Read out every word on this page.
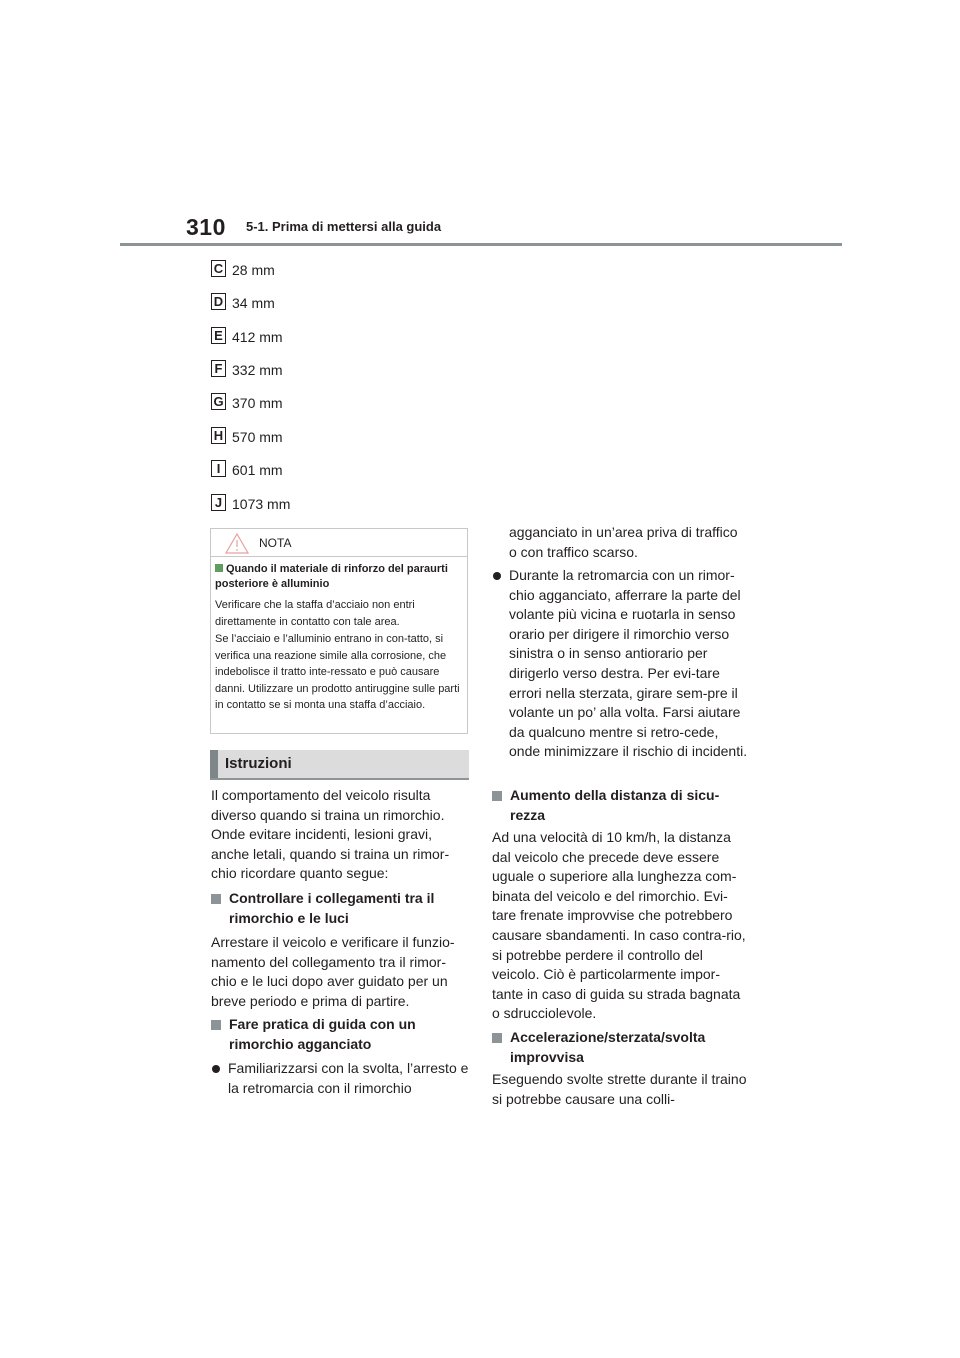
310 5-1. Prima di mettersi alla guida
C 28 mm
D 34 mm
E 412 mm
F 332 mm
G 370 mm
H 570 mm
I 601 mm
J 1073 mm
NOTA
Quando il materiale di rinforzo del paraurti posteriore è alluminio
Verificare che la staffa d’acciaio non entri direttamente in contatto con tale area.
Se l’acciaio e l’alluminio entrano in con-tatto, si verifica una reazione simile alla corrosione, che indebolisce il tratto inte-ressato e può causare danni. Utilizzare un prodotto antiruggine sulle parti in contatto se si monta una staffa d’acciaio.
Istruzioni
Il comportamento del veicolo risulta diverso quando si traina un rimorchio. Onde evitare incidenti, lesioni gravi, anche letali, quando si traina un rimor-chio ricordare quanto segue:
Controllare i collegamenti tra il rimorchio e le luci
Arrestare il veicolo e verificare il funzio-namento del collegamento tra il rimor-chio e le luci dopo aver guidato per un breve periodo e prima di partire.
Fare pratica di guida con un rimorchio agganciato
Familiarizzarsi con la svolta, l’arresto e la retromarcia con il rimorchio
agganciato in un’area priva di traffico o con traffico scarso.
Durante la retromarcia con un rimor-chio agganciato, afferrare la parte del volante più vicina e ruotarla in senso orario per dirigere il rimorchio verso sinistra o in senso antiorario per dirigerlo verso destra. Per evi-tare errori nella sterzata, girare sem-pre il volante un po’ alla volta. Farsi aiutare da qualcuno mentre si retro-cede, onde minimizzare il rischio di incidenti.
Aumento della distanza di sicu-rezza
Ad una velocità di 10 km/h, la distanza dal veicolo che precede deve essere uguale o superiore alla lunghezza com-binata del veicolo e del rimorchio. Evi-tare frenate improvvise che potrebbero causare sbandamenti. In caso contra-rio, si potrebbe perdere il controllo del veicolo. Ciò è particolarmente impor-tante in caso di guida su strada bagnata o sdrucciolevole.
Accelerazione/sterzata/svolta improvvisa
Eseguendo svolte strette durante il traino si potrebbe causare una colli-
